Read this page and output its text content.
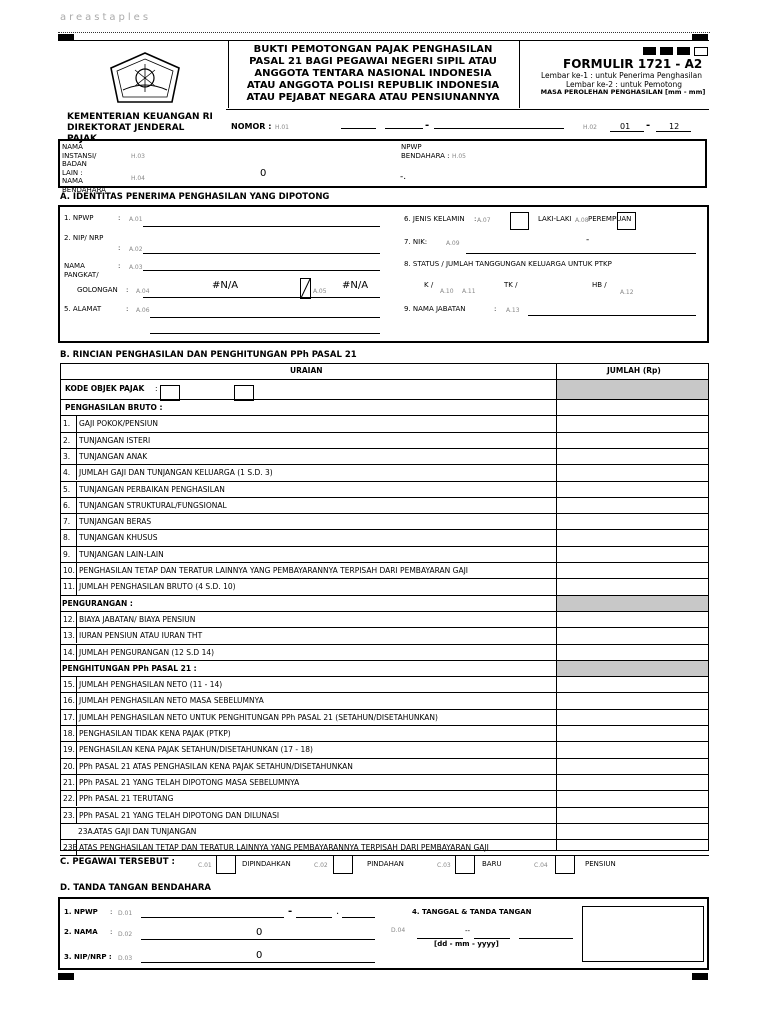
areastaples
BUKTI PEMOTONGAN PAJAK PENGHASILAN
PASAL 21 BAGI PEGAWAI NEGERI SIPIL ATAU
ANGGOTA TENTARA NASIONAL INDONESIA
ATAU ANGGOTA POLISI REPUBLIK INDONESIA
ATAU PEJABAT NEGARA ATAU PENSIUNANNYA
FORMULIR 1721 - A2
Lembar ke-1 : untuk Penerima Penghasilan
Lembar ke-2 : untuk Pemotong
MASA PEROLEHAN PENGHASILAN [mm - mm]
KEMENTERIAN KEUANGAN RI
DIREKTORAT JENDERAL
PAJAK
NOMOR : H.01	.	-	H.02	01 - 12
NAMA
INSTANSI/
BADAN
LAIN :
NAMA
BENDAHARA
H.03
H.04	0
NPWP
BENDAHARA : H.05
-.
A. IDENTITAS PENERIMA PENGHASILAN YANG DIPOTONG
1. NPWP	: A.01
2. NIP/ NRP
: A.02
NAMA
PANGKAT/
: A.03
GOLONGAN : A.04
#N/A
A.05
#N/A
5. ALAMAT	: A.06
6. JENIS KELAMIN : A.07	LAKI-LAKI A.08 PEREMPUAN
7. NIK:	A.09	-
8. STATUS / JUMLAH TANGGUNGAN KELUARGA UNTUK PTKP
K /
A.10 A.11
TK /	HB /
A.12
9. NAMA JABATAN	: A.13
B. RINCIAN PENGHASILAN DAN PENGHITUNGAN PPh PASAL 21
URAIAN	JUMLAH (Rp)
KODE OBJEK PAJAK :
PENGHASILAN BRUTO :
1. GAJI POKOK/PENSIUN
2. TUNJANGAN ISTERI
3. TUNJANGAN ANAK
4. JUMLAH GAJI DAN TUNJANGAN KELUARGA (1 S.D. 3)
5. TUNJANGAN PERBAIKAN PENGHASILAN
6. TUNJANGAN STRUKTURAL/FUNGSIONAL
7. TUNJANGAN BERAS
8. TUNJANGAN KHUSUS
9. TUNJANGAN LAIN-LAIN
10. PENGHASILAN TETAP DAN TERATUR LAINNYA YANG PEMBAYARANNYA TERPISAH DARI PEMBAYARAN GAJI
11. JUMLAH PENGHASILAN BRUTO (4 S.D. 10)
PENGURANGAN :
12. BIAYA JABATAN/ BIAYA PENSIUN
13. IURAN PENSIUN ATAU IURAN THT
14. JUMLAH PENGURANGAN (12 S.D 14)
PENGHITUNGAN PPh PASAL 21 :
15. JUMLAH PENGHASILAN NETO (11 - 14)
16. JUMLAH PENGHASILAN NETO MASA SEBELUMNYA
17. JUMLAH PENGHASILAN NETO UNTUK PENGHITUNGAN PPh PASAL 21 (SETAHUN/DISETAHUNKAN)
18. PENGHASILAN TIDAK KENA PAJAK (PTKP)
19. PENGHASILAN KENA PAJAK SETAHUN/DISETAHUNKAN (17 - 18)
20. PPh PASAL 21 ATAS PENGHASILAN KENA PAJAK SETAHUN/DISETAHUNKAN
21. PPh PASAL 21 YANG TELAH DIPOTONG MASA SEBELUMNYA
22. PPh PASAL 21 TERUTANG
23. PPh PASAL 21 YANG TELAH DIPOTONG DAN DILUNASI
23A. ATAS GAJI DAN TUNJANGAN
23B ATAS PENGHASILAN TETAP DAN TERATUR LAINNYA YANG PEMBAYARANNYA TERPISAH DARI PEMBAYARAN GAJI
C. PEGAWAI TERSEBUT :	C.01	DIPINDAHKAN	C.02	PINDAHAN	C.03	BARU	C.04	PENSIUN
D. TANDA TANGAN BENDAHARA
1. NPWP : D.01	-	.
2. NAMA : D.02	0
3. NIP/NRP : D.03	0
4. TANGGAL & TANDA TANGAN
D.04	--
[dd - mm - yyyy]
